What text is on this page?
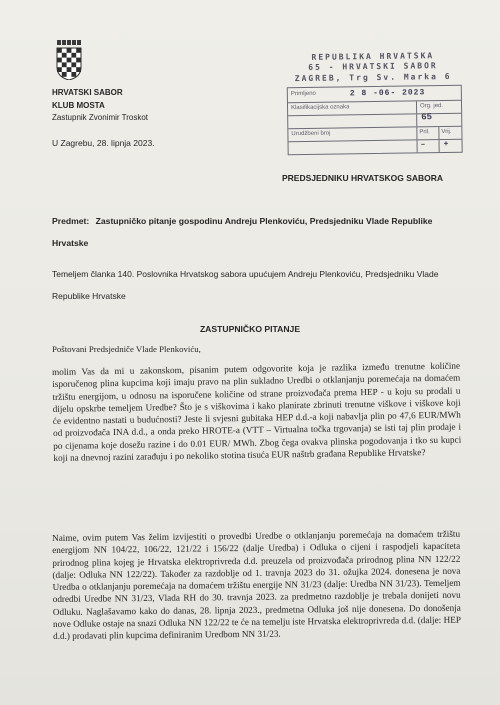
HRVATSKI SABOR
KLUB MOSTA
Zastupnik Zvonimir Troskot
U Zagrebu, 28. lipnja 2023.
REPUBLIKA HRVATSKA
65 - HRVATSKI SABOR
ZAGREB, Trg Sv. Marka 6
Primljeno	2 8 -06- 2023
Klasifikacijska oznaka	Org. jed.
65
Urudžbeni broj	Pril. Vrij.
– +
PREDSJEDNIKU HRVATSKOG SABORA
Predmet: Zastupničko pitanje gospodinu Andreju Plenkoviću, Predsjedniku Vlade Republike Hrvatske
Temeljem članka 140. Poslovnika Hrvatskog sabora upućujem Andreju Plenkoviću, Predsjedniku Vlade Republike Hrvatske
ZASTUPNIČKO PITANJE
Poštovani Predsjedniče Vlade Plenkoviću,
molim Vas da mi u zakonskom, pisanim putem odgovorite koja je razlika između trenutne količine isporučenog plina kupcima koji imaju pravo na plin sukladno Uredbi o otklanjanju poremećaja na domaćem tržištu energijom, u odnosu na isporučene količine od strane proizvođača prema HEP - u koju su prodali u dijelu opskrbe temeljem Uredbe? Što je s viškovima i kako planirate zbrinuti trenutne viškove i viškove koji će evidentno nastati u budućnosti? Jeste li svjesni gubitaka HEP d.d.-a koji nabavlja plin po 47,6 EUR/MWh od proizvođača INA d.d., a onda preko HROTE-a (VTT – Virtualna točka trgovanja) se isti taj plin prodaje i po cijenama koje dosežu razine i do 0.01 EUR/ MWh. Zbog čega ovakva plinska pogodovanja i tko su kupci koji na dnevnoj razini zarađuju i po nekoliko stotina tisuća EUR naštrb građana Republike Hrvatske?
Naime, ovim putem Vas želim izvijestiti o provedbi Uredbe o otklanjanju poremećaja na domaćem tržištu energijom NN 104/22, 106/22, 121/22 i 156/22 (dalje Uredba) i Odluka o cijeni i raspodjeli kapaciteta prirodnog plina kojeg je Hrvatska elektroprivreda d.d. preuzela od proizvođača prirodnog plina NN 122/22 (dalje: Odluka NN 122/22). Također za razdoblje od 1. travnja 2023 do 31. ožujka 2024. donesena je nova Uredba o otklanjanju poremećaja na domaćem tržištu energije NN 31/23 (dalje: Uredba NN 31/23). Temeljem odredbi Uredbe NN 31/23, Vlada RH do 30. travnja 2023. za predmetno razdoblje je trebala donijeti novu Odluku. Naglašavamo kako do danas, 28. lipnja 2023., predmetna Odluka još nije donesena. Do donošenja nove Odluke ostaje na snazi Odluka NN 122/22 te će na temelju iste Hrvatska elektroprivreda d.d. (dalje: HEP d.d.) prodavati plin kupcima definiranim Uredbom NN 31/23.
